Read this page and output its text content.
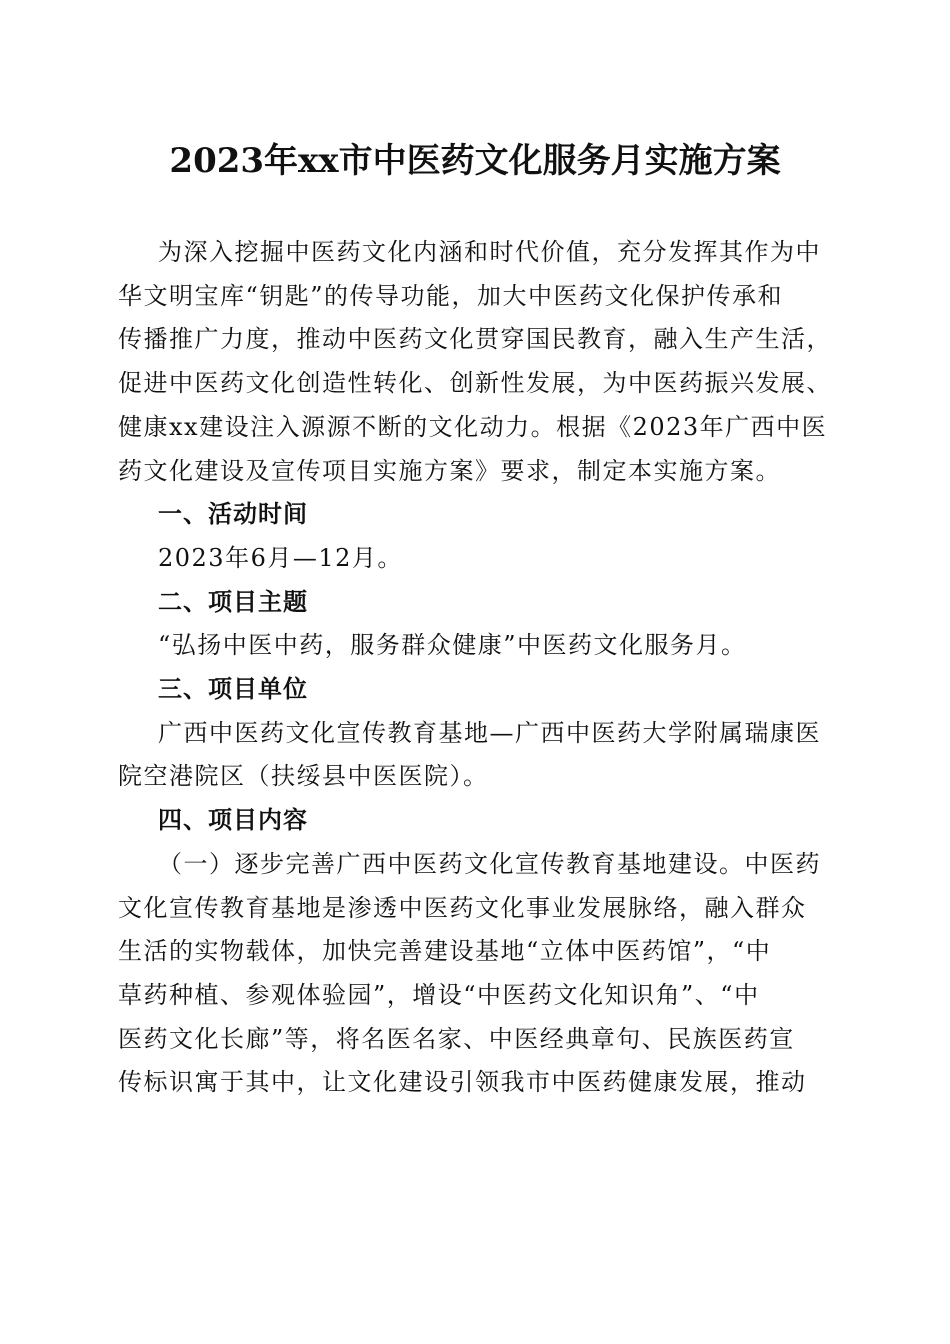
2023年xx市中医药文化服务月实施方案
为深入挖掘中医药文化内涵和时代价值，充分发挥其作为中
华文明宝库“钥匙”的传导功能，加大中医药文化保护传承和
传播推广力度，推动中医药文化贯穿国民教育，融入生产生活，
促进中医药文化创造性转化、创新性发展，为中医药振兴发展、
健康xx建设注入源源不断的文化动力。根据《2023年广西中医
药文化建设及宣传项目实施方案》要求，制定本实施方案。

一、活动时间

2023年6月—12月。

二、项目主题

“弘扬中医中药，服务群众健康”中医药文化服务月。

三、项目单位

广西中医药文化宣传教育基地—广西中医药大学附属瑞康医
院空港院区（扶绥县中医医院）。

四、项目内容

（一）逐步完善广西中医药文化宣传教育基地建设。中医药
文化宣传教育基地是渗透中医药文化事业发展脉络，融入群众
生活的实物载体，加快完善建设基地“立体中医药馆”，“中
草药种植、参观体验园”，增设“中医药文化知识角”、“中
医药文化长廊”等，将名医名家、中医经典章句、民族医药宣
传标识寓于其中，让文化建设引领我市中医药健康发展，推动
